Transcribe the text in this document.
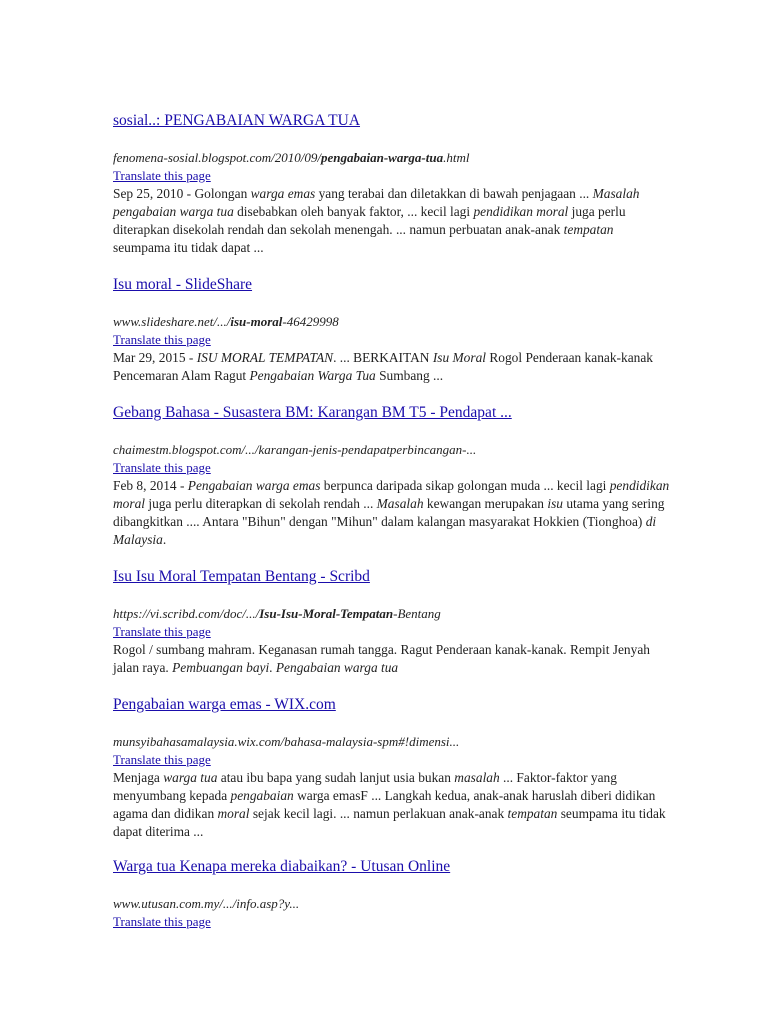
sosial..: PENGABAIAN WARGA TUA
fenomena-sosial.blogspot.com/2010/09/pengabaian-warga-tua.html
Translate this page

Sep 25, 2010 - Golongan warga emas yang terabai dan diletakkan di bawah penjagaan ... Masalah pengabaian warga tua disebabkan oleh banyak faktor, ... kecil lagi pendidikan moral juga perlu diterapkan disekolah rendah dan sekolah menengah. ... namun perbuatan anak-anak tempatan seumpama itu tidak dapat ...

Isu moral - SlideShare
www.slideshare.net/.../isu-moral-46429998
Translate this page

Mar 29, 2015 - ISU MORAL TEMPATAN. ... BERKAITAN Isu Moral Rogol Penderaan kanak-kanak Pencemaran Alam Ragut Pengabaian Warga Tua Sumbang ...

Gebang Bahasa - Susastera BM: Karangan BM T5 - Pendapat ...
chaimestm.blogspot.com/.../karangan-jenis-pendapatperbincangan-...
Translate this page

Feb 8, 2014 - Pengabaian warga emas berpunca daripada sikap golongan muda ... kecil lagi pendidikan moral juga perlu diterapkan di sekolah rendah ... Masalah kewangan merupakan isu utama yang sering dibangkitkan .... Antara "Bihun" dengan "Mihun" dalam kalangan masyarakat Hokkien (Tionghoa) di Malaysia.

Isu Isu Moral Tempatan Bentang - Scribd
https://vi.scribd.com/doc/.../Isu-Isu-Moral-Tempatan-Bentang
Translate this page

Rogol / sumbang mahram. Keganasan rumah tangga. Ragut Penderaan kanak-kanak. Rempit Jenyah jalan raya. Pembuangan bayi. Pengabaian warga tua

Pengabaian warga emas - WIX.com
munsyibahasamalaysia.wix.com/bahasa-malaysia-spm#!dimensi...
Translate this page

Menjaga warga tua atau ibu bapa yang sudah lanjut usia bukan masalah ... Faktor-faktor yang menyumbang kepada pengabaian warga emasF ... Langkah kedua, anak-anak haruslah diberi didikan agama dan didikan moral sejak kecil lagi. ... namun perlakuan anak-anak tempatan seumpama itu tidak dapat diterima ...

Warga tua Kenapa mereka diabaikan? - Utusan Online
www.utusan.com.my/.../info.asp?y...
Translate this page
